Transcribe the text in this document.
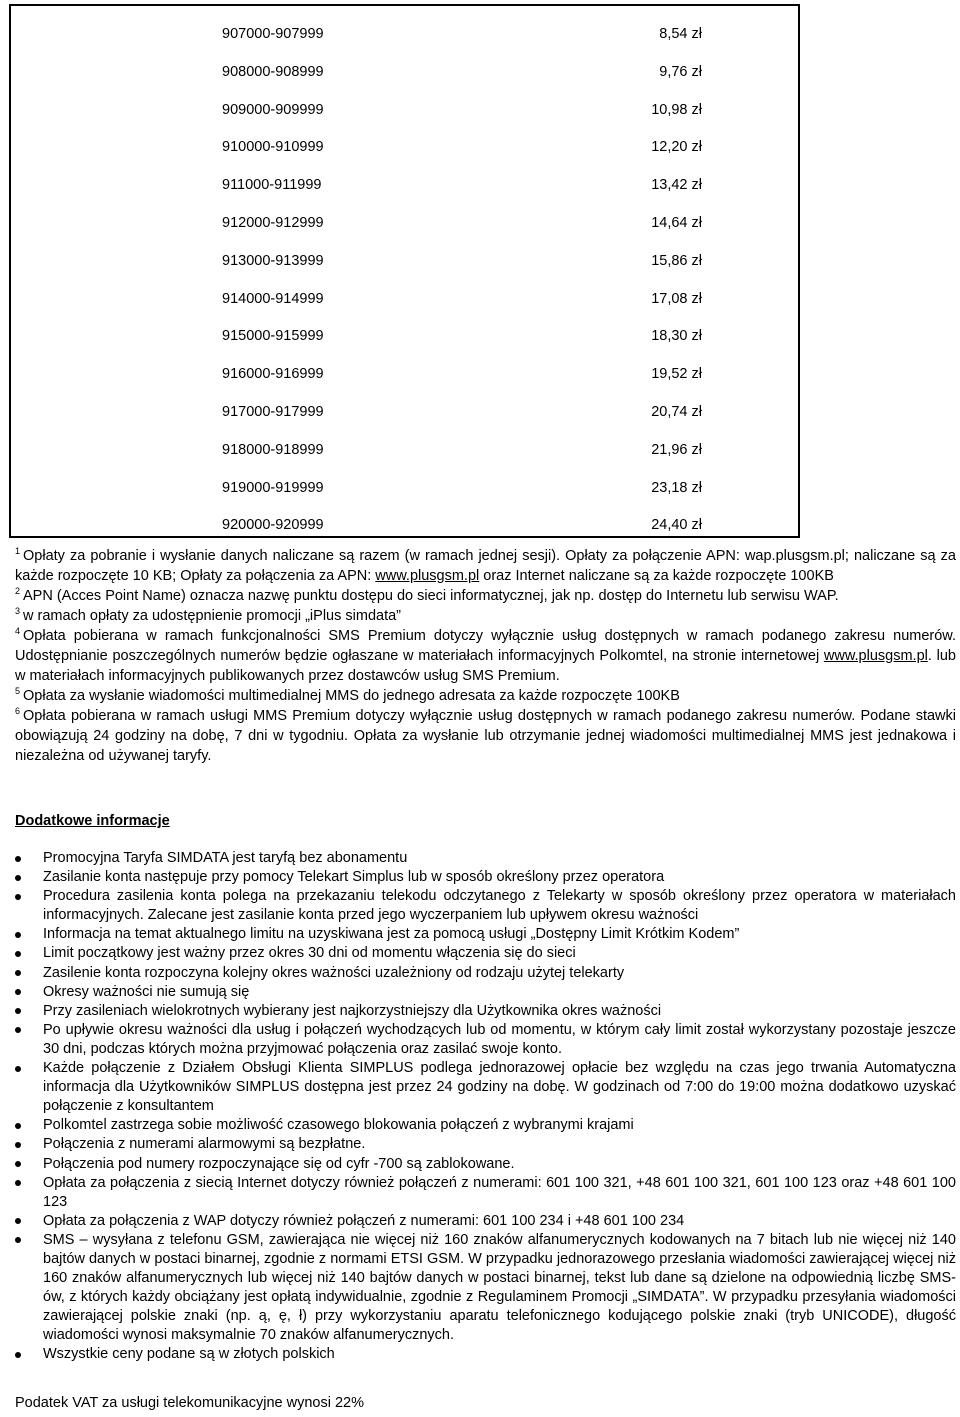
907000-907999	8,54 zł
908000-908999	9,76 zł
909000-909999	10,98 zł
910000-910999	12,20 zł
911000-911999	13,42 zł
912000-912999	14,64 zł
913000-913999	15,86 zł
914000-914999	17,08 zł
915000-915999	18,30 zł
916000-916999	19,52 zł
917000-917999	20,74 zł
918000-918999	21,96 zł
919000-919999	23,18 zł
920000-920999	24,40 zł
$^1$ Opłaty za pobranie i wysłanie danych naliczane są razem (w ramach jednej sesji). Opłaty za połączenie APN: wap.plusgsm.pl; naliczane są za każde rozpoczęte 10 KB; Opłaty za połączenia za APN: www.plusgsm.pl oraz Internet naliczane są za każde rozpoczęte 100KB
$^2$ APN (Acces Point Name) oznacza nazwę punktu dostępu do sieci informatycznej, jak np. dostęp do Internetu lub serwisu WAP.
$^3$ w ramach opłaty za udostępnienie promocji „iPlus simdata”
$^4$ Opłata pobierana w ramach funkcjonalności SMS Premium dotyczy wyłącznie usług dostępnych w ramach podanego zakresu numerów. Udostępnianie poszczególnych numerów będzie ogłaszane w materiałach informacyjnych Polkomtel, na stronie internetowej www.plusgsm.pl. lub w materiałach informacyjnych publikowanych przez dostawców usług SMS Premium.
$^5$ Opłata za wysłanie wiadomości multimedialnej MMS do jednego adresata za każde rozpoczęte 100KB
$^6$ Opłata pobierana w ramach usługi MMS Premium dotyczy wyłącznie usług dostępnych w ramach podanego zakresu numerów. Podane stawki obowiązują 24 godziny na dobę, 7 dni w tygodniu. Opłata za wysłanie lub otrzymanie jednej wiadomości multimedialnej MMS jest jednakowa i niezależna od używanej taryfy.
Dodatkowe informacje
Promocyjna Taryfa SIMDATA jest taryfą bez abonamentu
Zasilanie konta następuje przy pomocy Telekart Simplus lub w sposób określony przez operatora
Procedura zasilenia konta polega na przekazaniu telekodu odczytanego z Telekarty w sposób określony przez operatora w materiałach informacyjnych. Zalecane jest zasilanie konta przed jego wyczerpaniem lub upływem okresu ważności
Informacja na temat aktualnego limitu na uzyskiwana jest za pomocą usługi „Dostępny Limit Krótkim Kodem”
Limit początkowy jest ważny przez okres 30 dni od momentu włączenia się do sieci
Zasilenie konta rozpoczyna kolejny okres ważności uzależniony od rodzaju użytej telekarty
Okresy ważności nie sumują się
Przy zasileniach wielokrotnych wybierany jest najkorzystniejszy dla Użytkownika okres ważności
Po upływie okresu ważności dla usług i połączeń wychodzących lub od momentu, w którym cały limit został wykorzystany pozostaje jeszcze 30 dni, podczas których można przyjmować połączenia oraz zasilać swoje konto.
Każde połączenie z Działem Obsługi Klienta SIMPLUS podlega jednorazowej opłacie bez względu na czas jego trwania Automatyczna informacja dla Użytkowników SIMPLUS dostępna jest przez 24 godziny na dobę. W godzinach od 7:00 do 19:00 można dodatkowo uzyskać połączenie z konsultantem
Polkomtel zastrzega sobie możliwość czasowego blokowania połączeń z wybranymi krajami
Połączenia z numerami alarmowymi są bezpłatne.
Połączenia pod numery rozpoczynające się od cyfr -700 są zablokowane.
Opłata za połączenia z siecią Internet dotyczy również połączeń z numerami: 601 100 321, +48 601 100 321, 601 100 123 oraz +48 601 100 123
Opłata za połączenia z WAP dotyczy również połączeń z numerami: 601 100 234 i +48 601 100 234
SMS – wysyłana z telefonu GSM, zawierająca nie więcej niż 160 znaków alfanumerycznych kodowanych na 7 bitach lub nie więcej niż 140 bajtów danych w postaci binarnej, zgodnie z normami ETSI GSM. W przypadku jednorazowego przesłania wiadomości zawierającej więcej niż 160 znaków alfanumerycznych lub więcej niż 140 bajtów danych w postaci binarnej, tekst lub dane są dzielone na odpowiednią liczbę SMS-ów, z których każdy obciążany jest opłatą indywidualnie, zgodnie z Regulaminem Promocji „SIMDATA”. W przypadku przesyłania wiadomości zawierającej polskie znaki (np. ą, ę, ł) przy wykorzystaniu aparatu telefonicznego kodującego polskie znaki (tryb UNICODE), długość wiadomości wynosi maksymalnie 70 znaków alfanumerycznych.
Wszystkie ceny podane są w złotych polskich
Podatek VAT za usługi telekomunikacyjne wynosi 22%
